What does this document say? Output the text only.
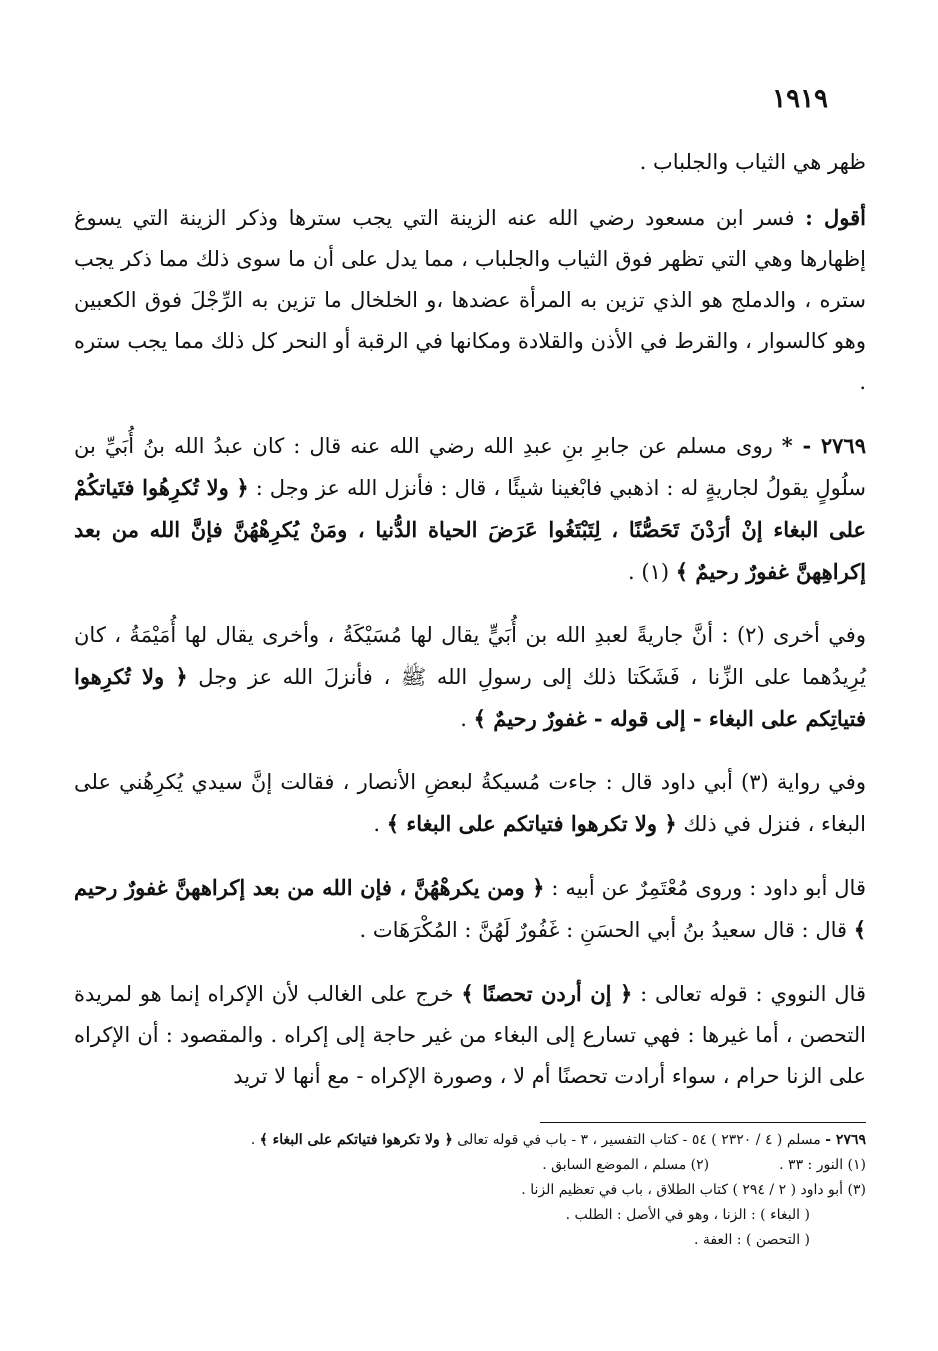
١٩١٩

ظهر هي الثياب والجلباب .

أقول : فسر ابن مسعود رضي الله عنه الزينة التي يجب سترها وذكر الزينة التي يسوغ إظهارها وهي التي تظهر فوق الثياب والجلباب ، مما يدل على أن ما سوى ذلك مما ذكر يجب ستره ، والدملج هو الذي تزين به المرأة عضدها ،و الخلخال ما تزين به الرِّجْلَ فوق الكعبين وهو كالسوار ، والقرط في الأذن والقلادة ومكانها في الرقبة أو النحر كل ذلك مما يجب ستره .

٢٧٦٩ - * روى مسلم عن جابرِ بنِ عبدِ الله رضي الله عنه قال : كان عبدُ الله بنُ أُبَيِّ بن سلُولٍ يقولُ لجاريةٍ له : اذهبي فابْغينا شيئًا ، قال : فأنزل الله عز وجل : ﴿ ولا تُكرِهُوا فتَياتكُمْ على البغاء إنْ أرَدْنَ تَحَصُّنًا ، لِتَبْتَغُوا عَرَضَ الحياة الدُّنيا ، ومَنْ يُكرِهْهُنَّ فإنَّ الله من بعد إكراهِهنَّ غفورٌ رحيمٌ ﴾ (١) .

وفي أخرى (٢) : أنَّ جاريةً لعبدِ الله بن أُبَيٍّ يقال لها مُسَيْكَةُ ، وأخرى يقال لها أُمَيْمَةُ ، كان يُرِيدُهما على الزِّنا ، فَشَكَتا ذلك إلى رسولِ الله ﷺ ، فأنزلَ الله عز وجل ﴿ ولا تُكرِهوا فتياتِكم على البغاء - إلى قوله - غفورٌ رحيمٌ ﴾ .

وفي رواية (٣) أبي داود قال : جاءت مُسيكةُ لبعضِ الأنصار ، فقالت إنَّ سيدي يُكرِهُني على البغاء ، فنزل في ذلك ﴿ ولا تكرهوا فتياتكم على البغاء ﴾ .

قال أبو داود : وروى مُعْتَمِرٌ عن أبيه : ﴿ ومن يكرهْهُنَّ ، فإن الله من بعد إكراههنَّ غفورٌ رحيم ﴾ قال : قال سعيدُ بنُ أبي الحسَنِ : غَفُورٌ لَهُنَّ : المُكْرَهَات .

قال النووي : قوله تعالى : ﴿ إن أردن تحصنًا ﴾ خرج على الغالب لأن الإكراه إنما هو لمريدة التحصن ، أما غيرها : فهي تسارع إلى البغاء من غير حاجة إلى إكراه . والمقصود : أن الإكراه على الزنا حرام ، سواء أرادت تحصنًا أم لا ، وصورة الإكراه - مع أنها لا تريد

٢٧٦٩ - مسلم ( ٤ / ٢٣٢٠ ) ٥٤ - كتاب التفسير ، ٣ - باب في قوله تعالى ﴿ ولا تكرهوا فتياتكم على البغاء ﴾ .
(١) النور : ٣٣ .
(٢) مسلم ، الموضع السابق .
(٣) أبو داود ( ٢ / ٢٩٤ ) كتاب الطلاق ، باب في تعظيم الزنا .
( البغاء ) : الزنا ، وهو في الأصل : الطلب .
( التحصن ) : العفة .
